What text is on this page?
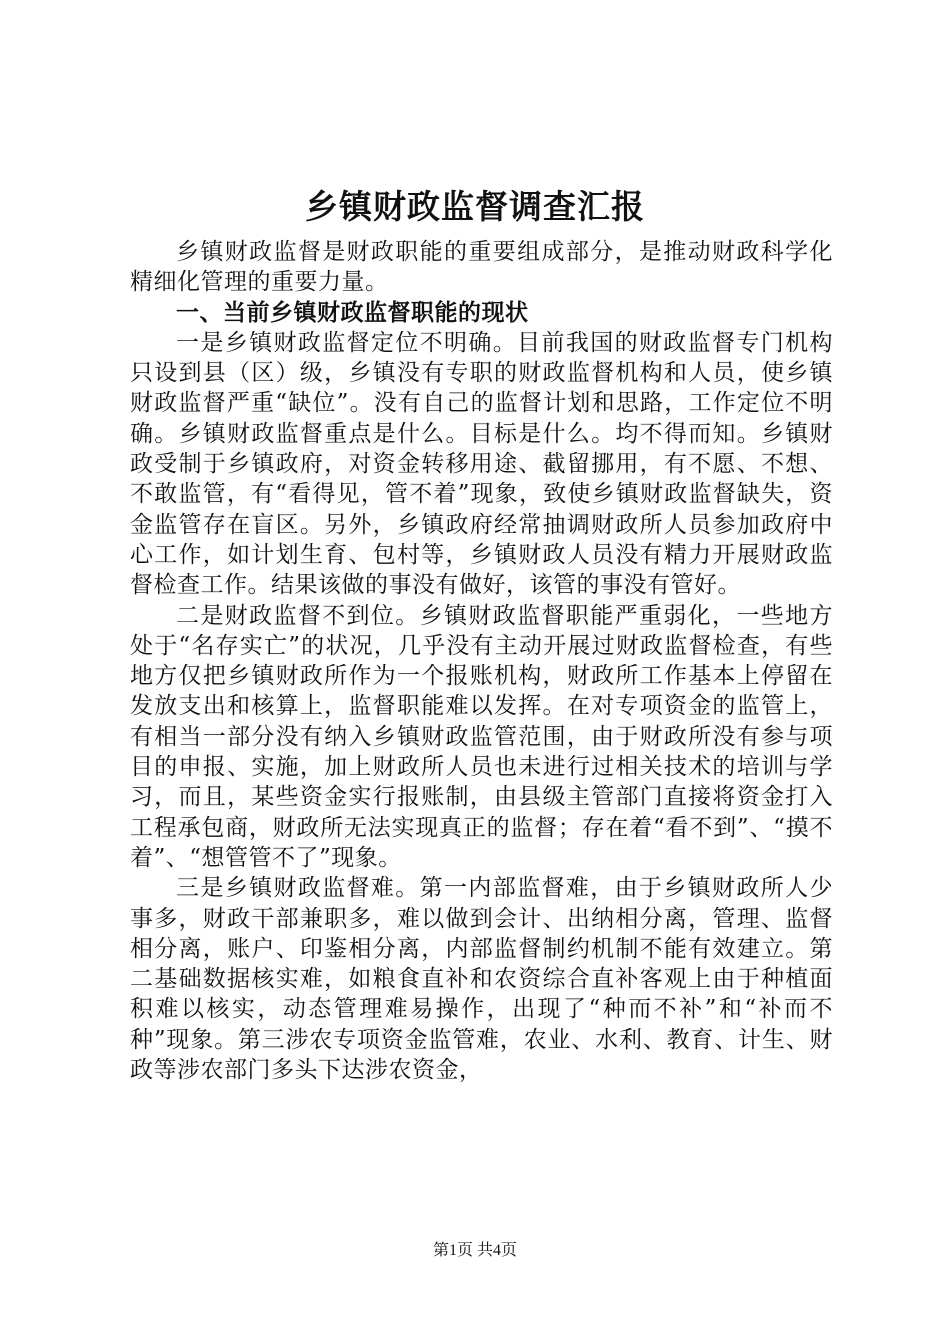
乡镇财政监督调查汇报

乡镇财政监督是财政职能的重要组成部分，是推动财政科学化精细化管理的重要力量。

一、当前乡镇财政监督职能的现状

一是乡镇财政监督定位不明确。目前我国的财政监督专门机构只设到县（区）级，乡镇没有专职的财政监督机构和人员，使乡镇财政监督严重“缺位”。没有自己的监督计划和思路，工作定位不明确。乡镇财政监督重点是什么。目标是什么。均不得而知。乡镇财政受制于乡镇政府，对资金转移用途、截留挪用，有不愿、不想、不敢监管，有“看得见，管不着”现象，致使乡镇财政监督缺失，资金监管存在盲区。另外，乡镇政府经常抽调财政所人员参加政府中心工作，如计划生育、包村等，乡镇财政人员没有精力开展财政监督检查工作。结果该做的事没有做好，该管的事没有管好。

二是财政监督不到位。乡镇财政监督职能严重弱化，一些地方处于“名存实亡”的状况，几乎没有主动开展过财政监督检查，有些地方仅把乡镇财政所作为一个报账机构，财政所工作基本上停留在发放支出和核算上，监督职能难以发挥。在对专项资金的监管上，有相当一部分没有纳入乡镇财政监管范围，由于财政所没有参与项目的申报、实施，加上财政所人员也未进行过相关技术的培训与学习，而且，某些资金实行报账制，由县级主管部门直接将资金打入工程承包商，财政所无法实现真正的监督；存在着“看不到”、“摸不着”、“想管管不了”现象。

三是乡镇财政监督难。第一内部监督难，由于乡镇财政所人少事多，财政干部兼职多，难以做到会计、出纳相分离，管理、监督相分离，账户、印鉴相分离，内部监督制约机制不能有效建立。第二基础数据核实难，如粮食直补和农资综合直补客观上由于种植面积难以核实，动态管理难易操作，出现了“种而不补”和“补而不种”现象。第三涉农专项资金监管难，农业、水利、教育、计生、财政等涉农部门多头下达涉农资金，

第1页 共4页
